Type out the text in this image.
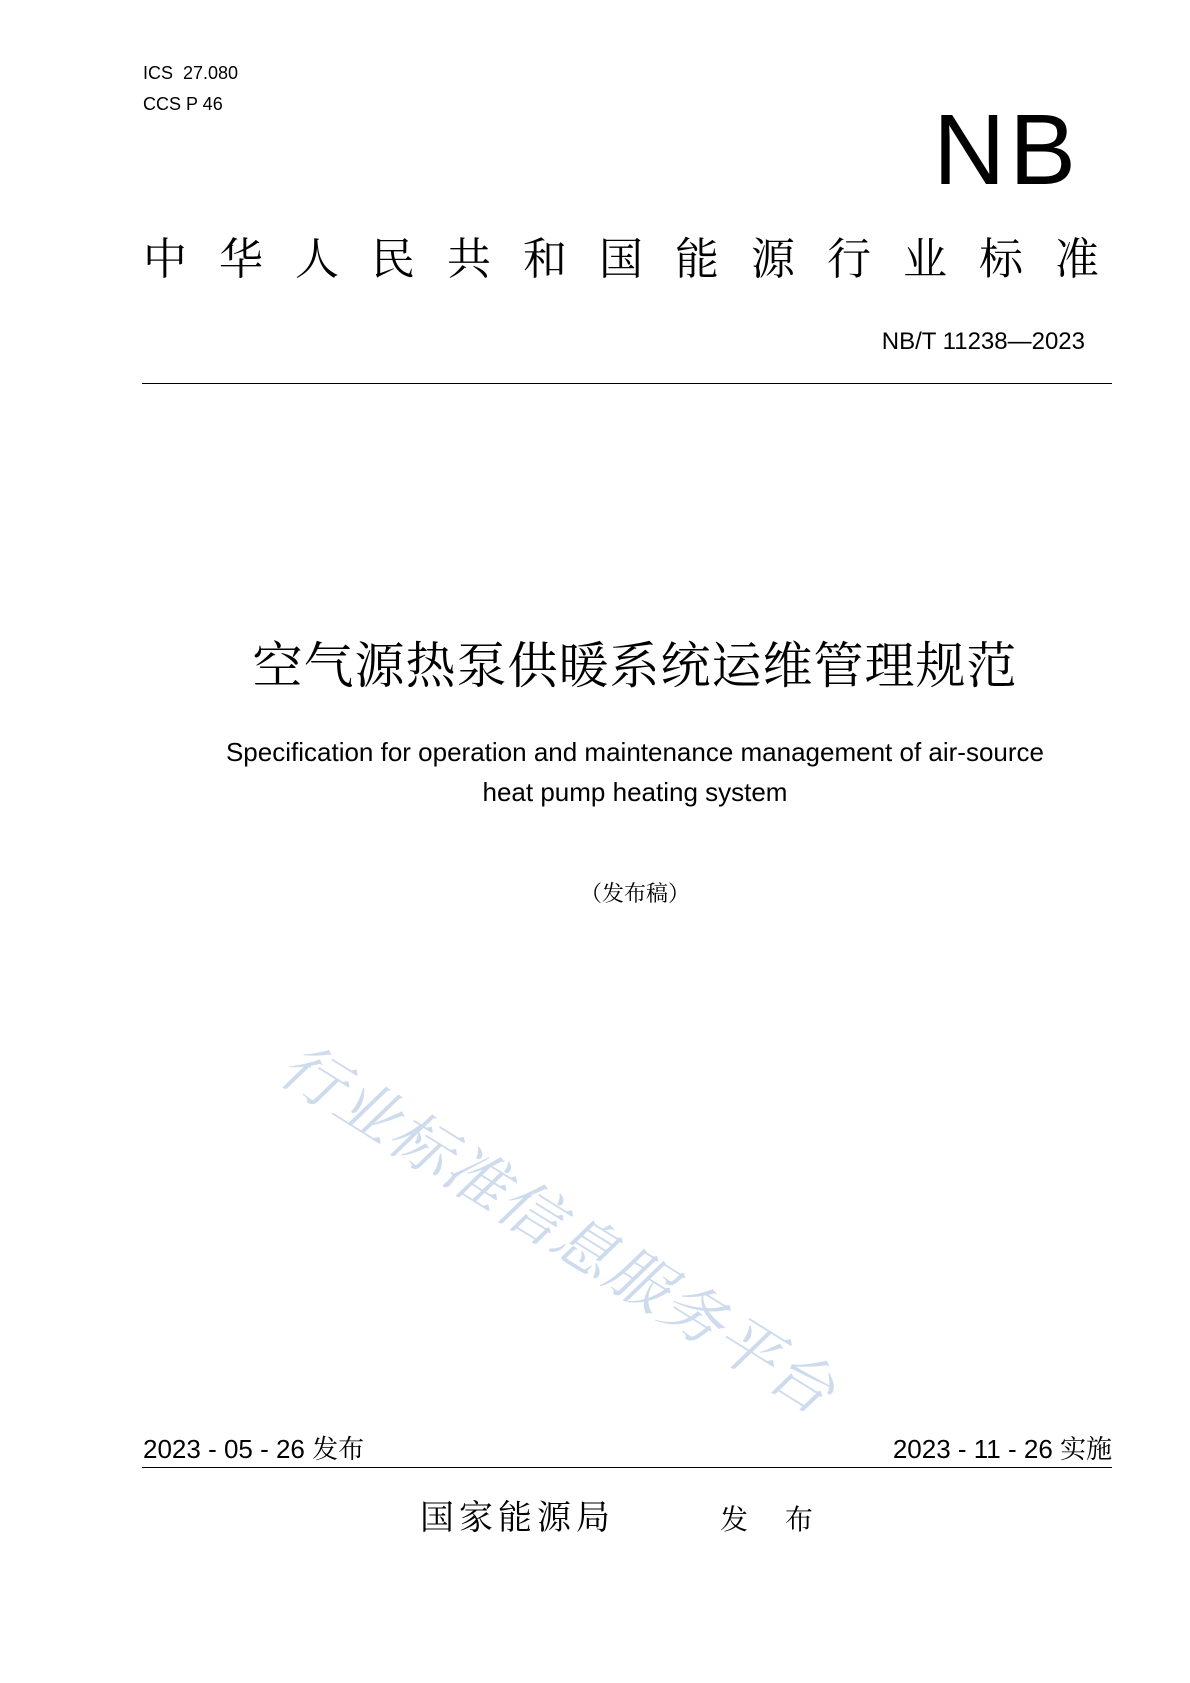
ICS  27.080
CCS P 46	NB
中华人民共和国能源行业标准
NB/T 11238—2023
空气源热泵供暖系统运维管理规范
Specification for operation and maintenance management of air-source
heat pump heating system
（发布稿）
行业标准信息服务平台
2023 - 05 - 26 发布	2023 - 11 - 26 实施
国家能源局	发 布
